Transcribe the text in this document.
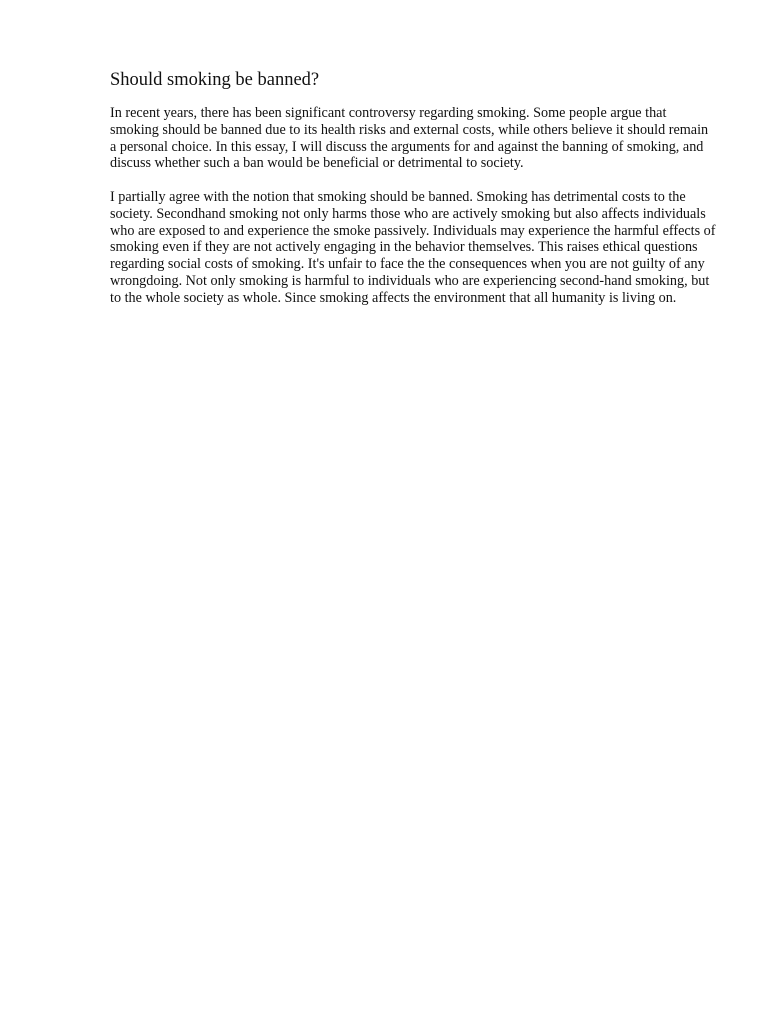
Should smoking be banned?

In recent years, there has been significant controversy regarding smoking. Some people argue that smoking should be banned due to its health risks and external costs, while others believe it should remain a personal choice. In this essay, I will discuss the arguments for and against the banning of smoking, and discuss whether such a ban would be beneficial or detrimental to society.

I partially agree with the notion that smoking should be banned. Smoking has detrimental costs to the society. Secondhand smoking not only harms those who are actively smoking but also affects individuals who are exposed to and experience the smoke passively. Individuals may experience the harmful effects of smoking even if they are not actively engaging in the behavior themselves. This raises ethical questions regarding social costs of smoking. It's unfair to face the the consequences when you are not guilty of any wrongdoing. Not only smoking is harmful to individuals who are experiencing second-hand smoking, but to the whole society as whole. Since smoking affects the environment that all humanity is living on.
